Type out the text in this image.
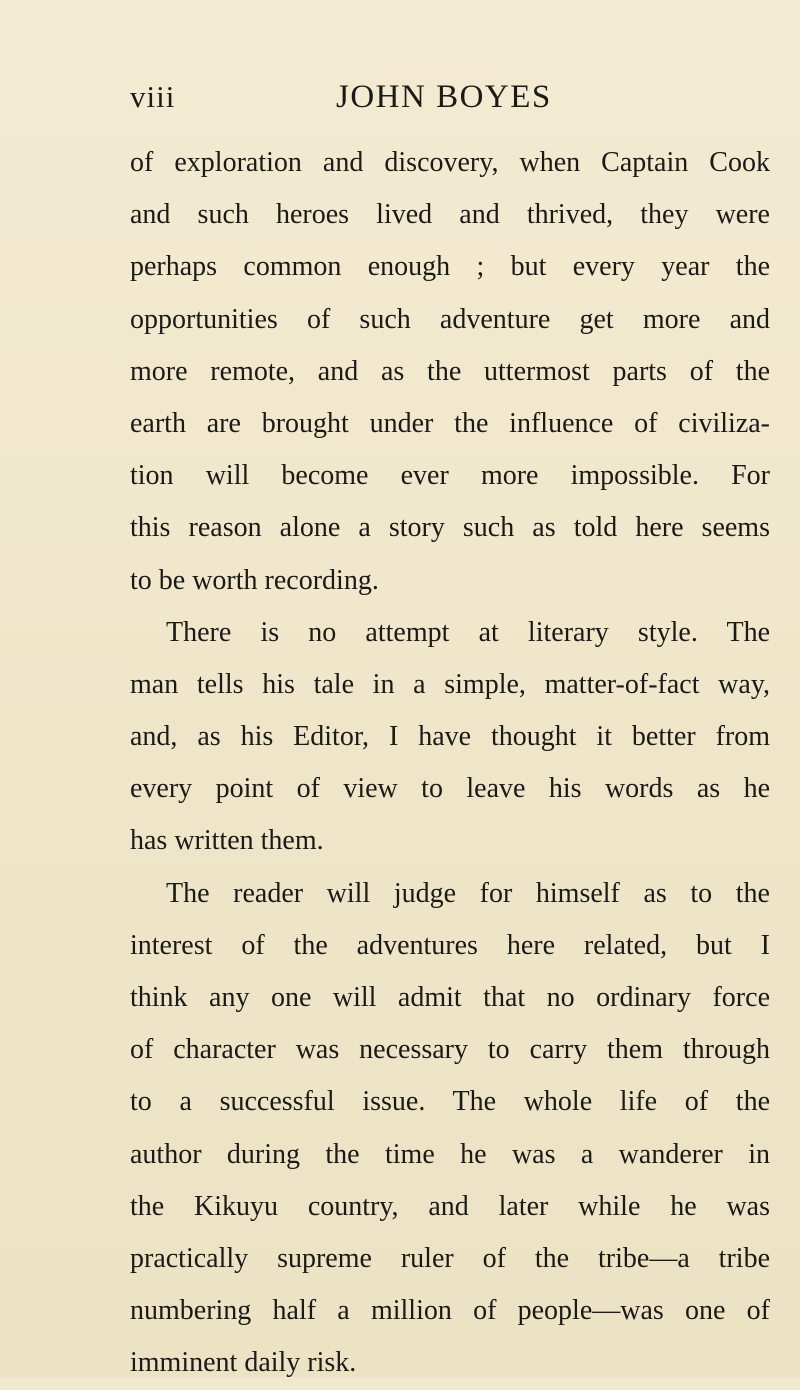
viii	JOHN BOYES
of exploration and discovery, when Captain Cook
and such heroes lived and thrived, they were
perhaps common enough ; but every year the
opportunities of such adventure get more and
more remote, and as the uttermost parts of the
earth are brought under the influence of civiliza-
tion will become ever more impossible. For
this reason alone a story such as told here seems
to be worth recording.
There is no attempt at literary style. The
man tells his tale in a simple, matter-of-fact way,
and, as his Editor, I have thought it better from
every point of view to leave his words as he
has written them.
The reader will judge for himself as to the
interest of the adventures here related, but I
think any one will admit that no ordinary force
of character was necessary to carry them through
to a successful issue. The whole life of the
author during the time he was a wanderer in
the Kikuyu country, and later while he was
practically supreme ruler of the tribe—a tribe
numbering half a million of people—was one of
imminent daily risk.
